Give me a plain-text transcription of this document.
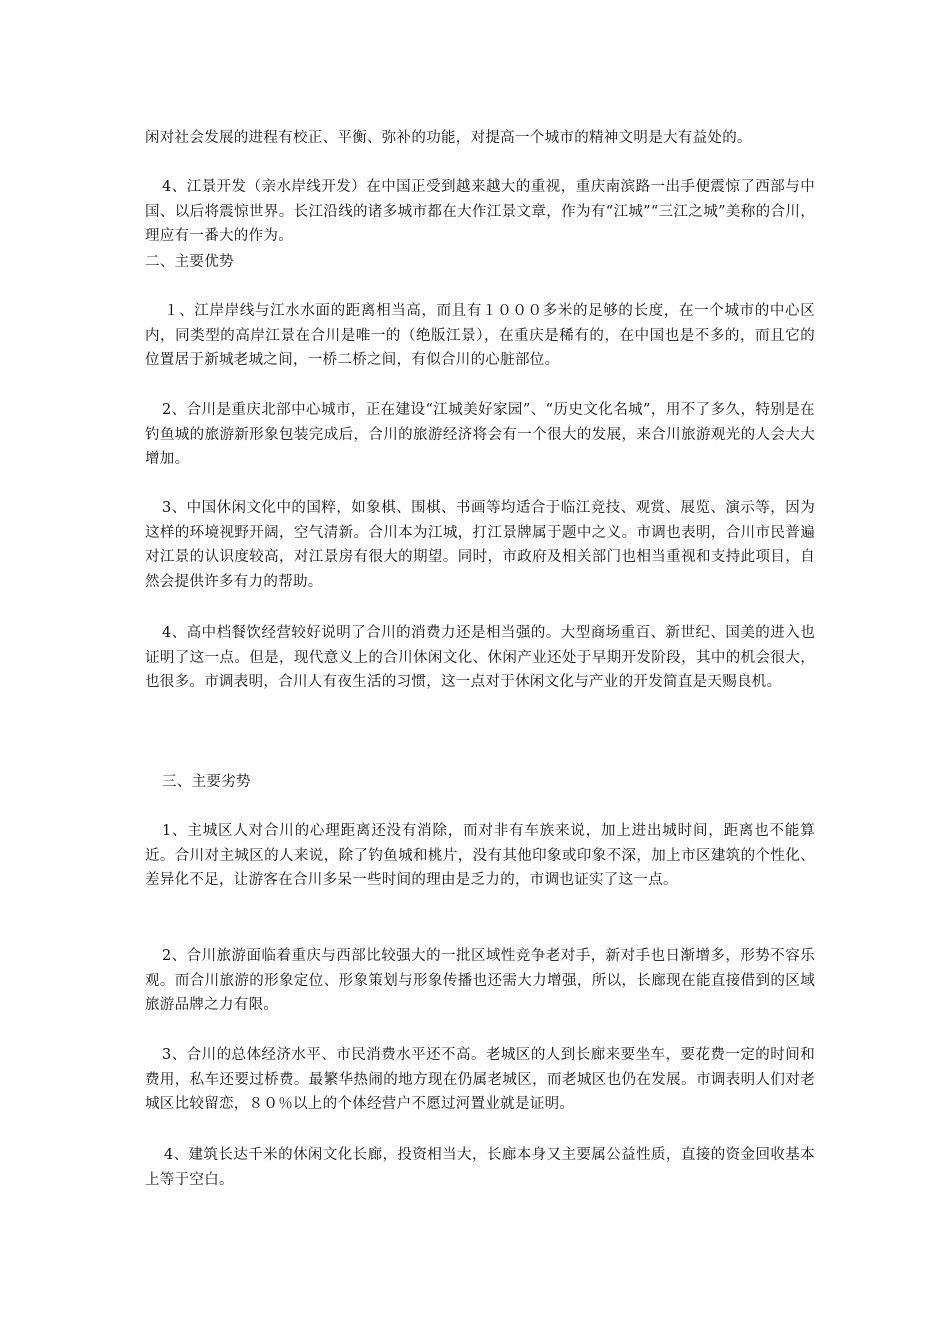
闲对社会发展的进程有校正、平衡、弥补的功能，对提高一个城市的精神文明是大有益处的。

4、江景开发（亲水岸线开发）在中国正受到越来越大的重视，重庆南滨路一出手便震惊了西部与中国、以后将震惊世界。长江沿线的诸多城市都在大作江景文章，作为有“江城”“三江之城”美称的合川，理应有一番大的作为。

二、主要优势

１、江岸岸线与江水水面的距离相当高，而且有１０００多米的足够的长度，在一个城市的中心区内，同类型的高岸江景在合川是唯一的（绝版江景），在重庆是稀有的，在中国也是不多的，而且它的位置居于新城老城之间，一桥二桥之间，有似合川的心脏部位。

2、合川是重庆北部中心城市，正在建设“江城美好家园”、“历史文化名城”，用不了多久，特别是在钓鱼城的旅游新形象包装完成后，合川的旅游经济将会有一个很大的发展，来合川旅游观光的人会大大增加。

3、中国休闲文化中的国粹，如象棋、围棋、书画等均适合于临江竞技、观赏、展览、演示等，因为这样的环境视野开阔，空气清新。合川本为江城，打江景牌属于题中之义。市调也表明，合川市民普遍对江景的认识度较高，对江景房有很大的期望。同时，市政府及相关部门也相当重视和支持此项目，自然会提供许多有力的帮助。

4、高中档餐饮经营较好说明了合川的消费力还是相当强的。大型商场重百、新世纪、国美的进入也证明了这一点。但是，现代意义上的合川休闲文化、休闲产业还处于早期开发阶段，其中的机会很大，也很多。市调表明，合川人有夜生活的习惯，这一点对于休闲文化与产业的开发简直是天赐良机。

三、主要劣势

1、主城区人对合川的心理距离还没有消除，而对非有车族来说，加上进出城时间，距离也不能算近。合川对主城区的人来说，除了钓鱼城和桃片，没有其他印象或印象不深，加上市区建筑的个性化、差异化不足，让游客在合川多呆一些时间的理由是乏力的，市调也证实了这一点。

2、合川旅游面临着重庆与西部比较强大的一批区域性竞争老对手，新对手也日渐增多，形势不容乐观。而合川旅游的形象定位、形象策划与形象传播也还需大力增强，所以，长廊现在能直接借到的区域旅游品牌之力有限。

3、合川的总体经济水平、市民消费水平还不高。老城区的人到长廊来要坐车，要花费一定的时间和费用，私车还要过桥费。最繁华热闹的地方现在仍属老城区，而老城区也仍在发展。市调表明人们对老城区比较留恋，８０％以上的个体经营户不愿过河置业就是证明。

4、建筑长达千米的休闲文化长廊，投资相当大，长廊本身又主要属公益性质，直接的资金回收基本上等于空白。
